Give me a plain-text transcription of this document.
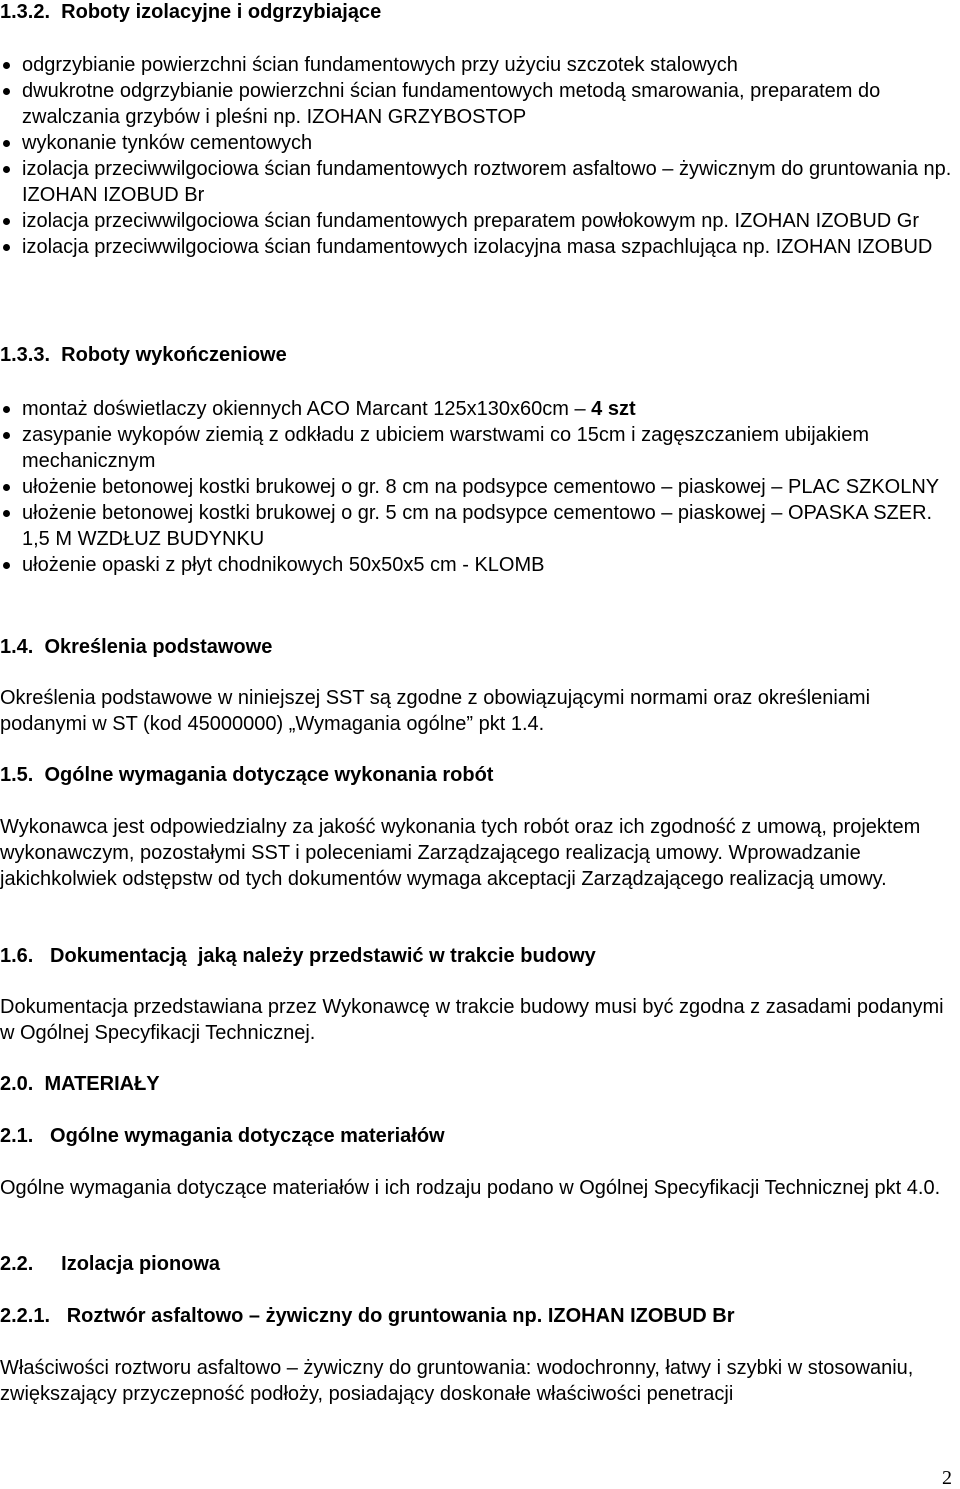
1.3.2.  Roboty izolacyjne i odgrzybiające
odgrzybianie powierzchni ścian fundamentowych przy użyciu szczotek stalowych
dwukrotne odgrzybianie powierzchni ścian fundamentowych metodą smarowania, preparatem do zwalczania grzybów i pleśni np. IZOHAN GRZYBOSTOP
wykonanie tynków cementowych
izolacja przeciwwilgociowa ścian fundamentowych roztworem asfaltowo – żywicznym do gruntowania np. IZOHAN IZOBUD Br
izolacja przeciwwilgociowa ścian fundamentowych preparatem powłokowym np. IZOHAN IZOBUD Gr
izolacja przeciwwilgociowa ścian fundamentowych izolacyjna masa szpachlująca np. IZOHAN IZOBUD
1.3.3.  Roboty wykończeniowe
montaż doświetlaczy okiennych ACO Marcant 125x130x60cm – 4 szt
zasypanie wykopów ziemią z odkładu z ubiciem warstwami co 15cm i zagęszczaniem ubijakiem mechanicznym
ułożenie betonowej kostki brukowej o gr. 8 cm na podsypce cementowo – piaskowej – PLAC SZKOLNY
ułożenie betonowej kostki brukowej o gr. 5 cm na podsypce cementowo – piaskowej – OPASKA SZER. 1,5 M WZDŁUZ BUDYNKU
ułożenie opaski z płyt chodnikowych 50x50x5 cm - KLOMB
1.4.  Określenia podstawowe
Określenia podstawowe w niniejszej SST są zgodne z obowiązującymi normami oraz określeniami podanymi w ST (kod 45000000) „Wymagania ogólne” pkt 1.4.
1.5.  Ogólne wymagania dotyczące wykonania robót
Wykonawca jest odpowiedzialny za jakość wykonania tych robót oraz ich zgodność z umową, projektem wykonawczym, pozostałymi SST i poleceniami Zarządzającego realizacją umowy. Wprowadzanie jakichkolwiek odstępstw od tych dokumentów wymaga akceptacji Zarządzającego realizacją umowy.
1.6.   Dokumentacją  jaką należy przedstawić w trakcie budowy
Dokumentacja przedstawiana przez Wykonawcę w trakcie budowy musi być zgodna z zasadami podanymi w Ogólnej Specyfikacji Technicznej.
2.0.  MATERIAŁY
2.1.   Ogólne wymagania dotyczące materiałów
Ogólne wymagania dotyczące materiałów i ich rodzaju podano w Ogólnej Specyfikacji Technicznej pkt 4.0.
2.2.     Izolacja pionowa
2.2.1.   Roztwór asfaltowo – żywiczny do gruntowania np. IZOHAN IZOBUD Br
Właściwości roztworu asfaltowo – żywiczny do gruntowania: wodochronny, łatwy i szybki w stosowaniu, zwiększający przyczepność podłoży, posiadający doskonałe właściwości penetracji
2
